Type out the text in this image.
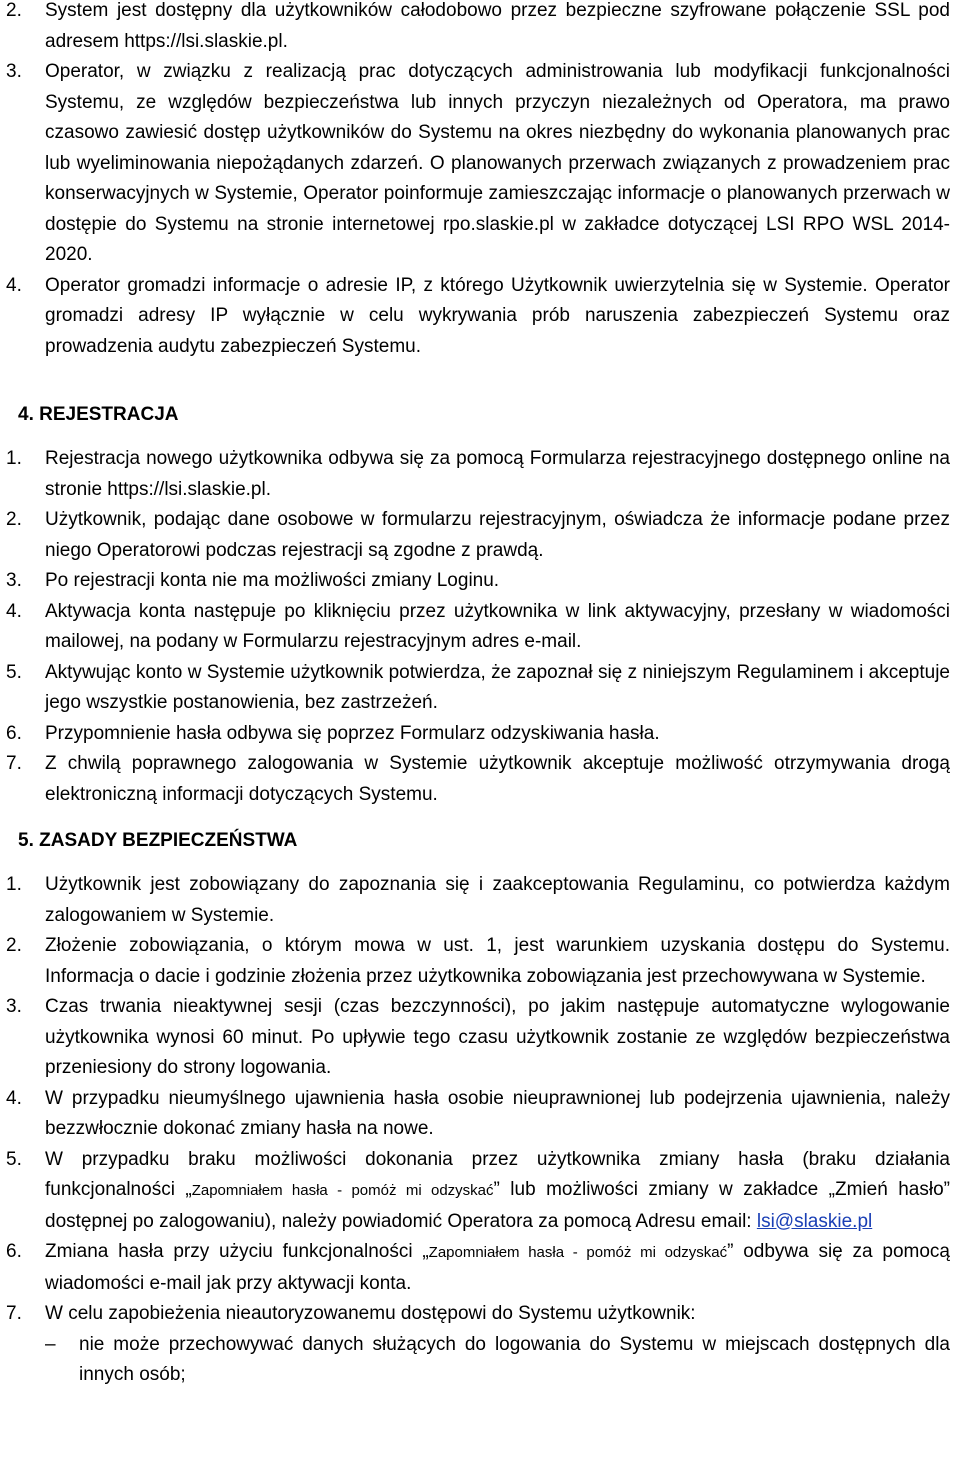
2.	System jest dostępny dla użytkowników całodobowo przez bezpieczne szyfrowane połączenie SSL pod adresem https://lsi.slaskie.pl.
3.	Operator, w związku z realizacją prac dotyczących administrowania lub modyfikacji funkcjonalności Systemu, ze względów bezpieczeństwa lub innych przyczyn niezależnych od Operatora, ma prawo czasowo zawiesić dostęp użytkowników do Systemu na okres niezbędny do wykonania planowanych prac lub wyeliminowania niepożądanych zdarzeń. O planowanych przerwach związanych z prowadzeniem prac konserwacyjnych w Systemie, Operator poinformuje zamieszczając informacje o planowanych przerwach w dostępie do Systemu na stronie internetowej rpo.slaskie.pl w zakładce dotyczącej LSI RPO WSL 2014-2020.
4.	Operator gromadzi informacje o adresie IP, z którego Użytkownik uwierzytelnia się w Systemie. Operator gromadzi adresy IP wyłącznie w celu wykrywania prób naruszenia zabezpieczeń Systemu oraz prowadzenia audytu zabezpieczeń Systemu.
4. REJESTRACJA
1.	Rejestracja nowego użytkownika odbywa się za pomocą Formularza rejestracyjnego dostępnego online na stronie https://lsi.slaskie.pl.
2.	Użytkownik, podając dane osobowe w formularzu rejestracyjnym, oświadcza że informacje podane przez niego Operatorowi podczas rejestracji są zgodne z prawdą.
3.	Po rejestracji konta nie ma możliwości zmiany Loginu.
4.	Aktywacja konta następuje po kliknięciu przez użytkownika w link aktywacyjny, przesłany w wiadomości mailowej, na podany w Formularzu rejestracyjnym adres e-mail.
5.	Aktywując konto w Systemie użytkownik potwierdza, że zapoznał się z niniejszym Regulaminem i akceptuje jego wszystkie postanowienia, bez zastrzeżeń.
6.	Przypomnienie hasła odbywa się poprzez Formularz odzyskiwania hasła.
7.	Z chwilą poprawnego zalogowania w Systemie użytkownik akceptuje możliwość otrzymywania drogą elektroniczną informacji dotyczących Systemu.
5. ZASADY BEZPIECZEŃSTWA
1.	Użytkownik jest zobowiązany do zapoznania się i zaakceptowania Regulaminu, co potwierdza każdym zalogowaniem w Systemie.
2.	Złożenie zobowiązania, o którym mowa w ust. 1, jest warunkiem uzyskania dostępu do Systemu. Informacja o dacie i godzinie złożenia przez użytkownika zobowiązania jest przechowywana w Systemie.
3.	Czas trwania nieaktywnej sesji (czas bezczynności), po jakim następuje automatyczne wylogowanie użytkownika wynosi 60 minut. Po upływie tego czasu użytkownik zostanie ze względów bezpieczeństwa przeniesiony do strony logowania.
4.	W przypadku nieumyślnego ujawnienia hasła osobie nieuprawnionej lub podejrzenia ujawnienia, należy bezzwłocznie dokonać zmiany hasła na nowe.
5.	W przypadku braku możliwości dokonania przez użytkownika zmiany hasła (braku działania funkcjonalności „Zapomniałem hasła - pomóż mi odzyskać” lub możliwości zmiany w zakładce „Zmień hasło” dostępnej po zalogowaniu), należy powiadomić Operatora za pomocą Adresu email: lsi@slaskie.pl
6.	Zmiana hasła przy użyciu funkcjonalności „Zapomniałem hasła - pomóż mi odzyskać” odbywa się za pomocą wiadomości e-mail jak przy aktywacji konta.
7.	W celu zapobieżenia nieautoryzowanemu dostępowi do Systemu użytkownik:
–	nie może przechowywać danych służących do logowania do Systemu w miejscach dostępnych dla innych osób;
